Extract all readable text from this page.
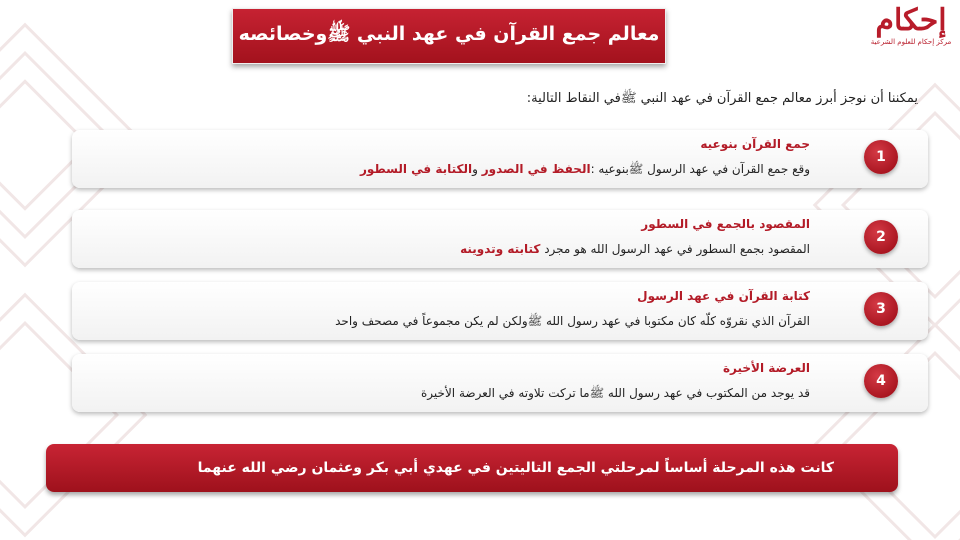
إحكام
مركز إحكام للعلوم الشرعية
معالم جمع القرآن في عهد النبي ﷺوخصائصه
يمكننا أن نوجز أبرز معالم جمع القرآن في عهد النبي ﷺفي النقاط التالية:
جمع القرآن بنوعيه
وقع جمع القرآن في عهد الرسول ﷺبنوعيه :الحفظ في الصدور والكتابة في السطور
1
المقصود بالجمع في السطور
المقصود بجمع السطور في عهد الرسول الله هو مجرد كتابته وتدوينه
2
كتابة القرآن في عهد الرسول
القرآن الذي نقروّه كلّه كان مكتوبا في عهد رسول الله ﷺولكن لم يكن مجموعاً في مصحف واحد
3
العرضة الأخيرة
قد يوجد من المكتوب في عهد رسول الله ﷺما تركت تلاوته في العرضة الأخيرة
4
كانت هذه المرحلة أساساً لمرحلتي الجمع التاليتين في عهدي أبي بكر وعثمان رضي الله عنهما
